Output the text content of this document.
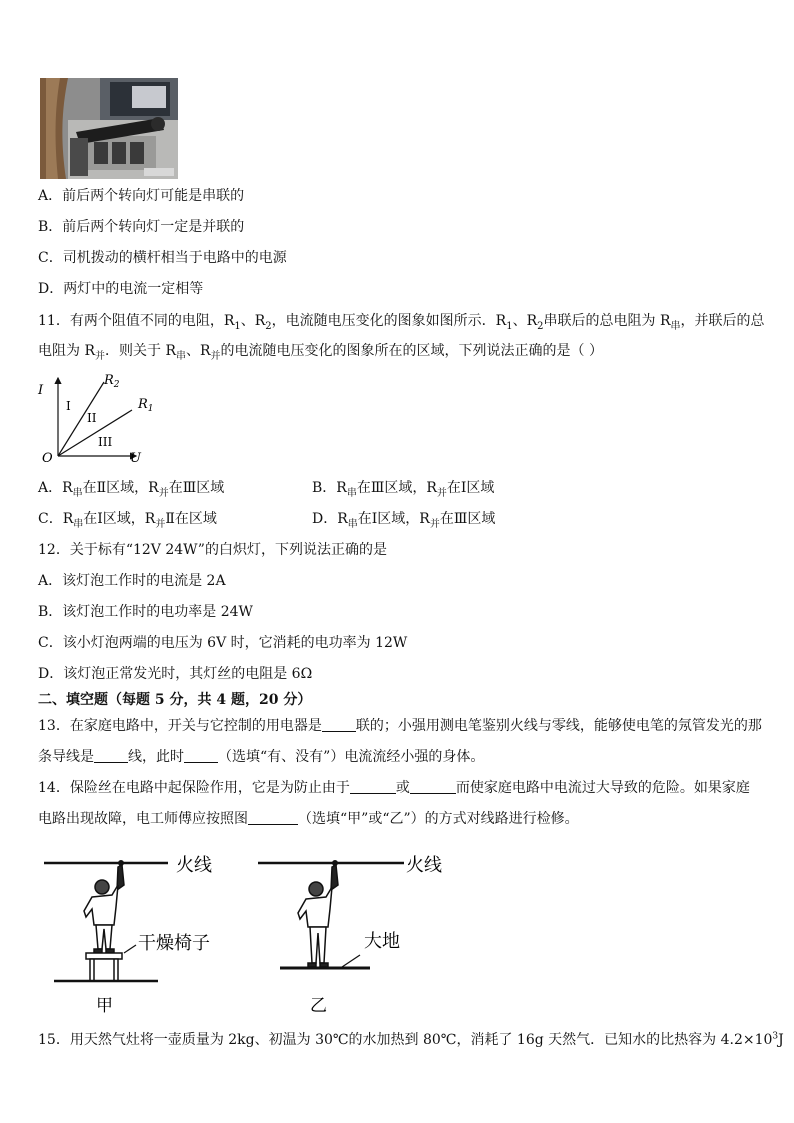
A．前后两个转向灯可能是串联的
B．前后两个转向灯一定是并联的
C．司机拨动的横杆相当于电路中的电源
D．两灯中的电流一定相等
11．有两个阻值不同的电阻，$R_1$、$R_2$，电流随电压变化的图象如图所示．$R_1$、$R_2$串联后的总电阻为 $R_串$，并联后的总
电阻为 $R_并$．则关于 $R_串$、$R_并$的电流随电压变化的图象所在的区域，下列说法正确的是（ ）
I
U
O
$R_2$
$R_1$
I
II
III
A．$R_串$在Ⅱ区域，$R_并$在Ⅲ区域	B．$R_串$在Ⅲ区域，$R_并$在Ⅰ区域
C．$R_串$在Ⅰ区域，$R_并Ⅱ$在区域	D．$R_串$在Ⅰ区域，$R_并$在Ⅲ区域
12．关于标有“12V 24W”的白炽灯，下列说法正确的是
A．该灯泡工作时的电流是 2A
B．该灯泡工作时的电功率是 24W
C．该小灯泡两端的电压为 6V 时，它消耗的电功率为 12W
D．该灯泡正常发光时，其灯丝的电阻是 6Ω
二、填空题（每题 5 分，共 4 题，20 分）
13．在家庭电路中，开关与它控制的用电器是 联的；小强用测电笔鉴别火线与零线，能够使电笔的氖管发光的那
条导线是 线，此时 （选填“有、没有”）电流流经小强的身体。
14．保险丝在电路中起保险作用，它是为防止由于	或	而使家庭电路中电流过大导致的危险。如果家庭
电路出现故障，电工师傅应按照图	（选填“甲”或“乙”）的方式对线路进行检修。
火线
干燥椅子
甲
火线
大地
乙
15．用天然气灶将一壶质量为 2kg、初温为 30℃的水加热到 80℃，消耗了 16g 天然气．已知水的比热容为 $4.2\times 10^3J$
